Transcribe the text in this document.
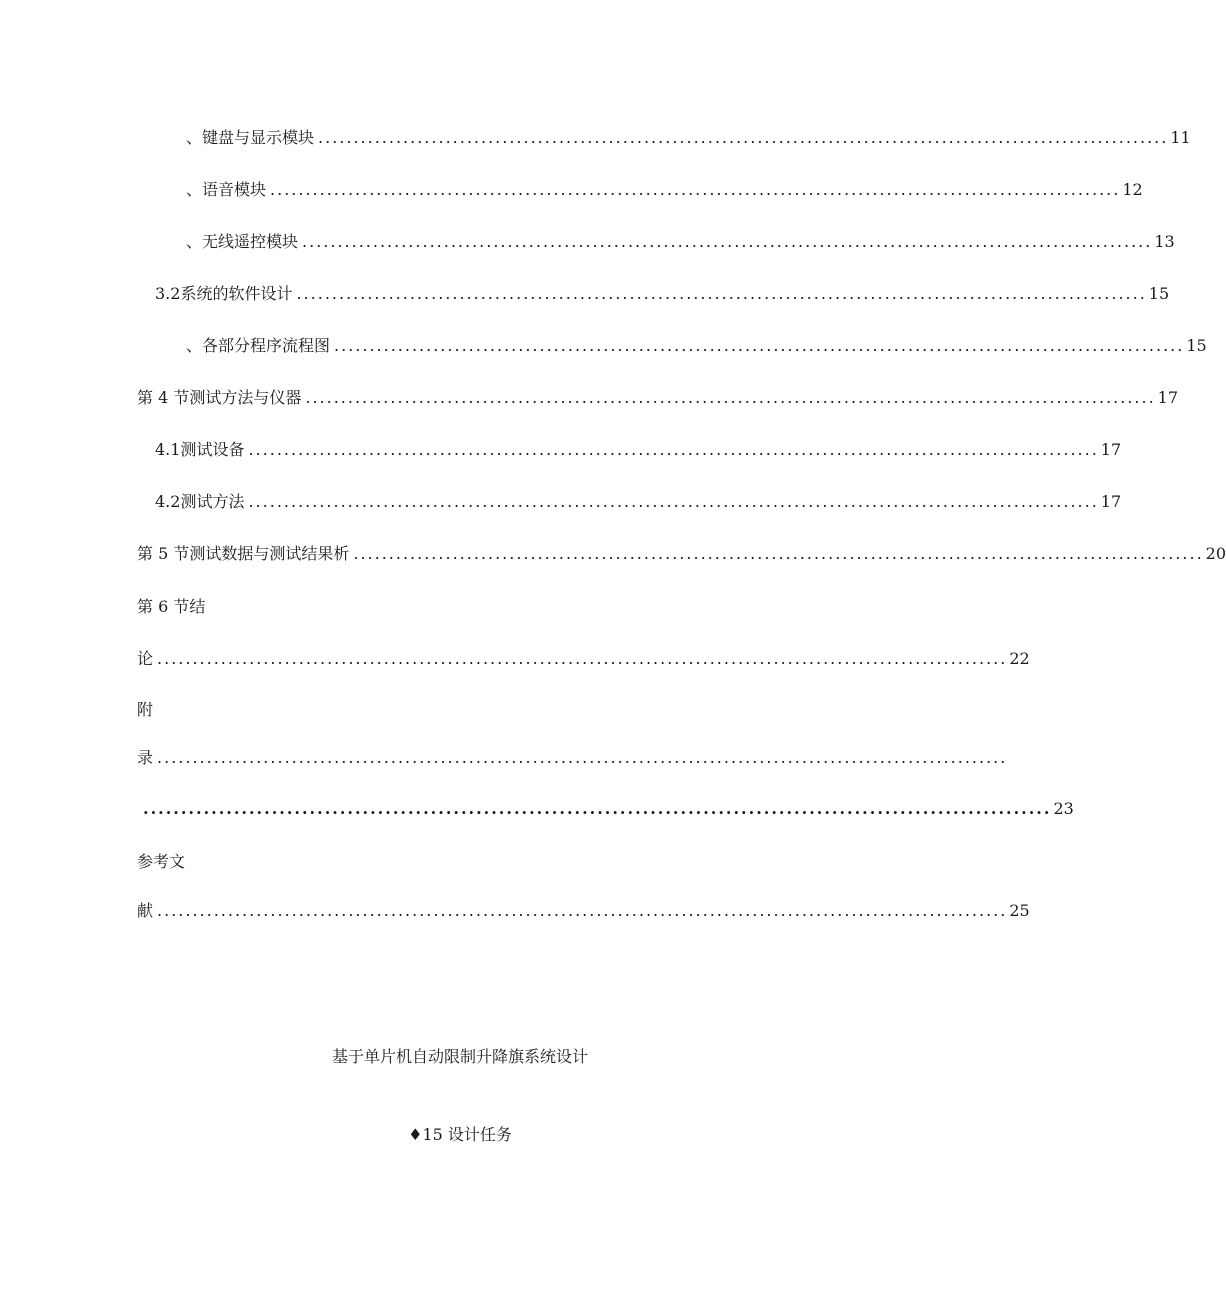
、键盘与显示模块 ........................................................................................................................ 11
、语音模块 ........................................................................................................................ 12
、无线遥控模块 ........................................................................................................................ 13
3.2 系统的软件设计 ........................................................................................................................ 15
、各部分程序流程图 ........................................................................................................................ 15
第 4 节测试方法与仪器 ........................................................................................................................ 17
4.1 测试设备 ........................................................................................................................ 17
4.2 测试方法 ........................................................................................................................ 17
第 5 节测试数据与测试结果析 ........................................................................................................................ 20
第 6 节结
论 ........................................................................................................................ 22
附
录 ........................................................................................................................
........................................................................................................................ 23
参考文
献 ........................................................................................................................ 25
基于单片机自动限制升降旗系统设计
♦15 设计任务
